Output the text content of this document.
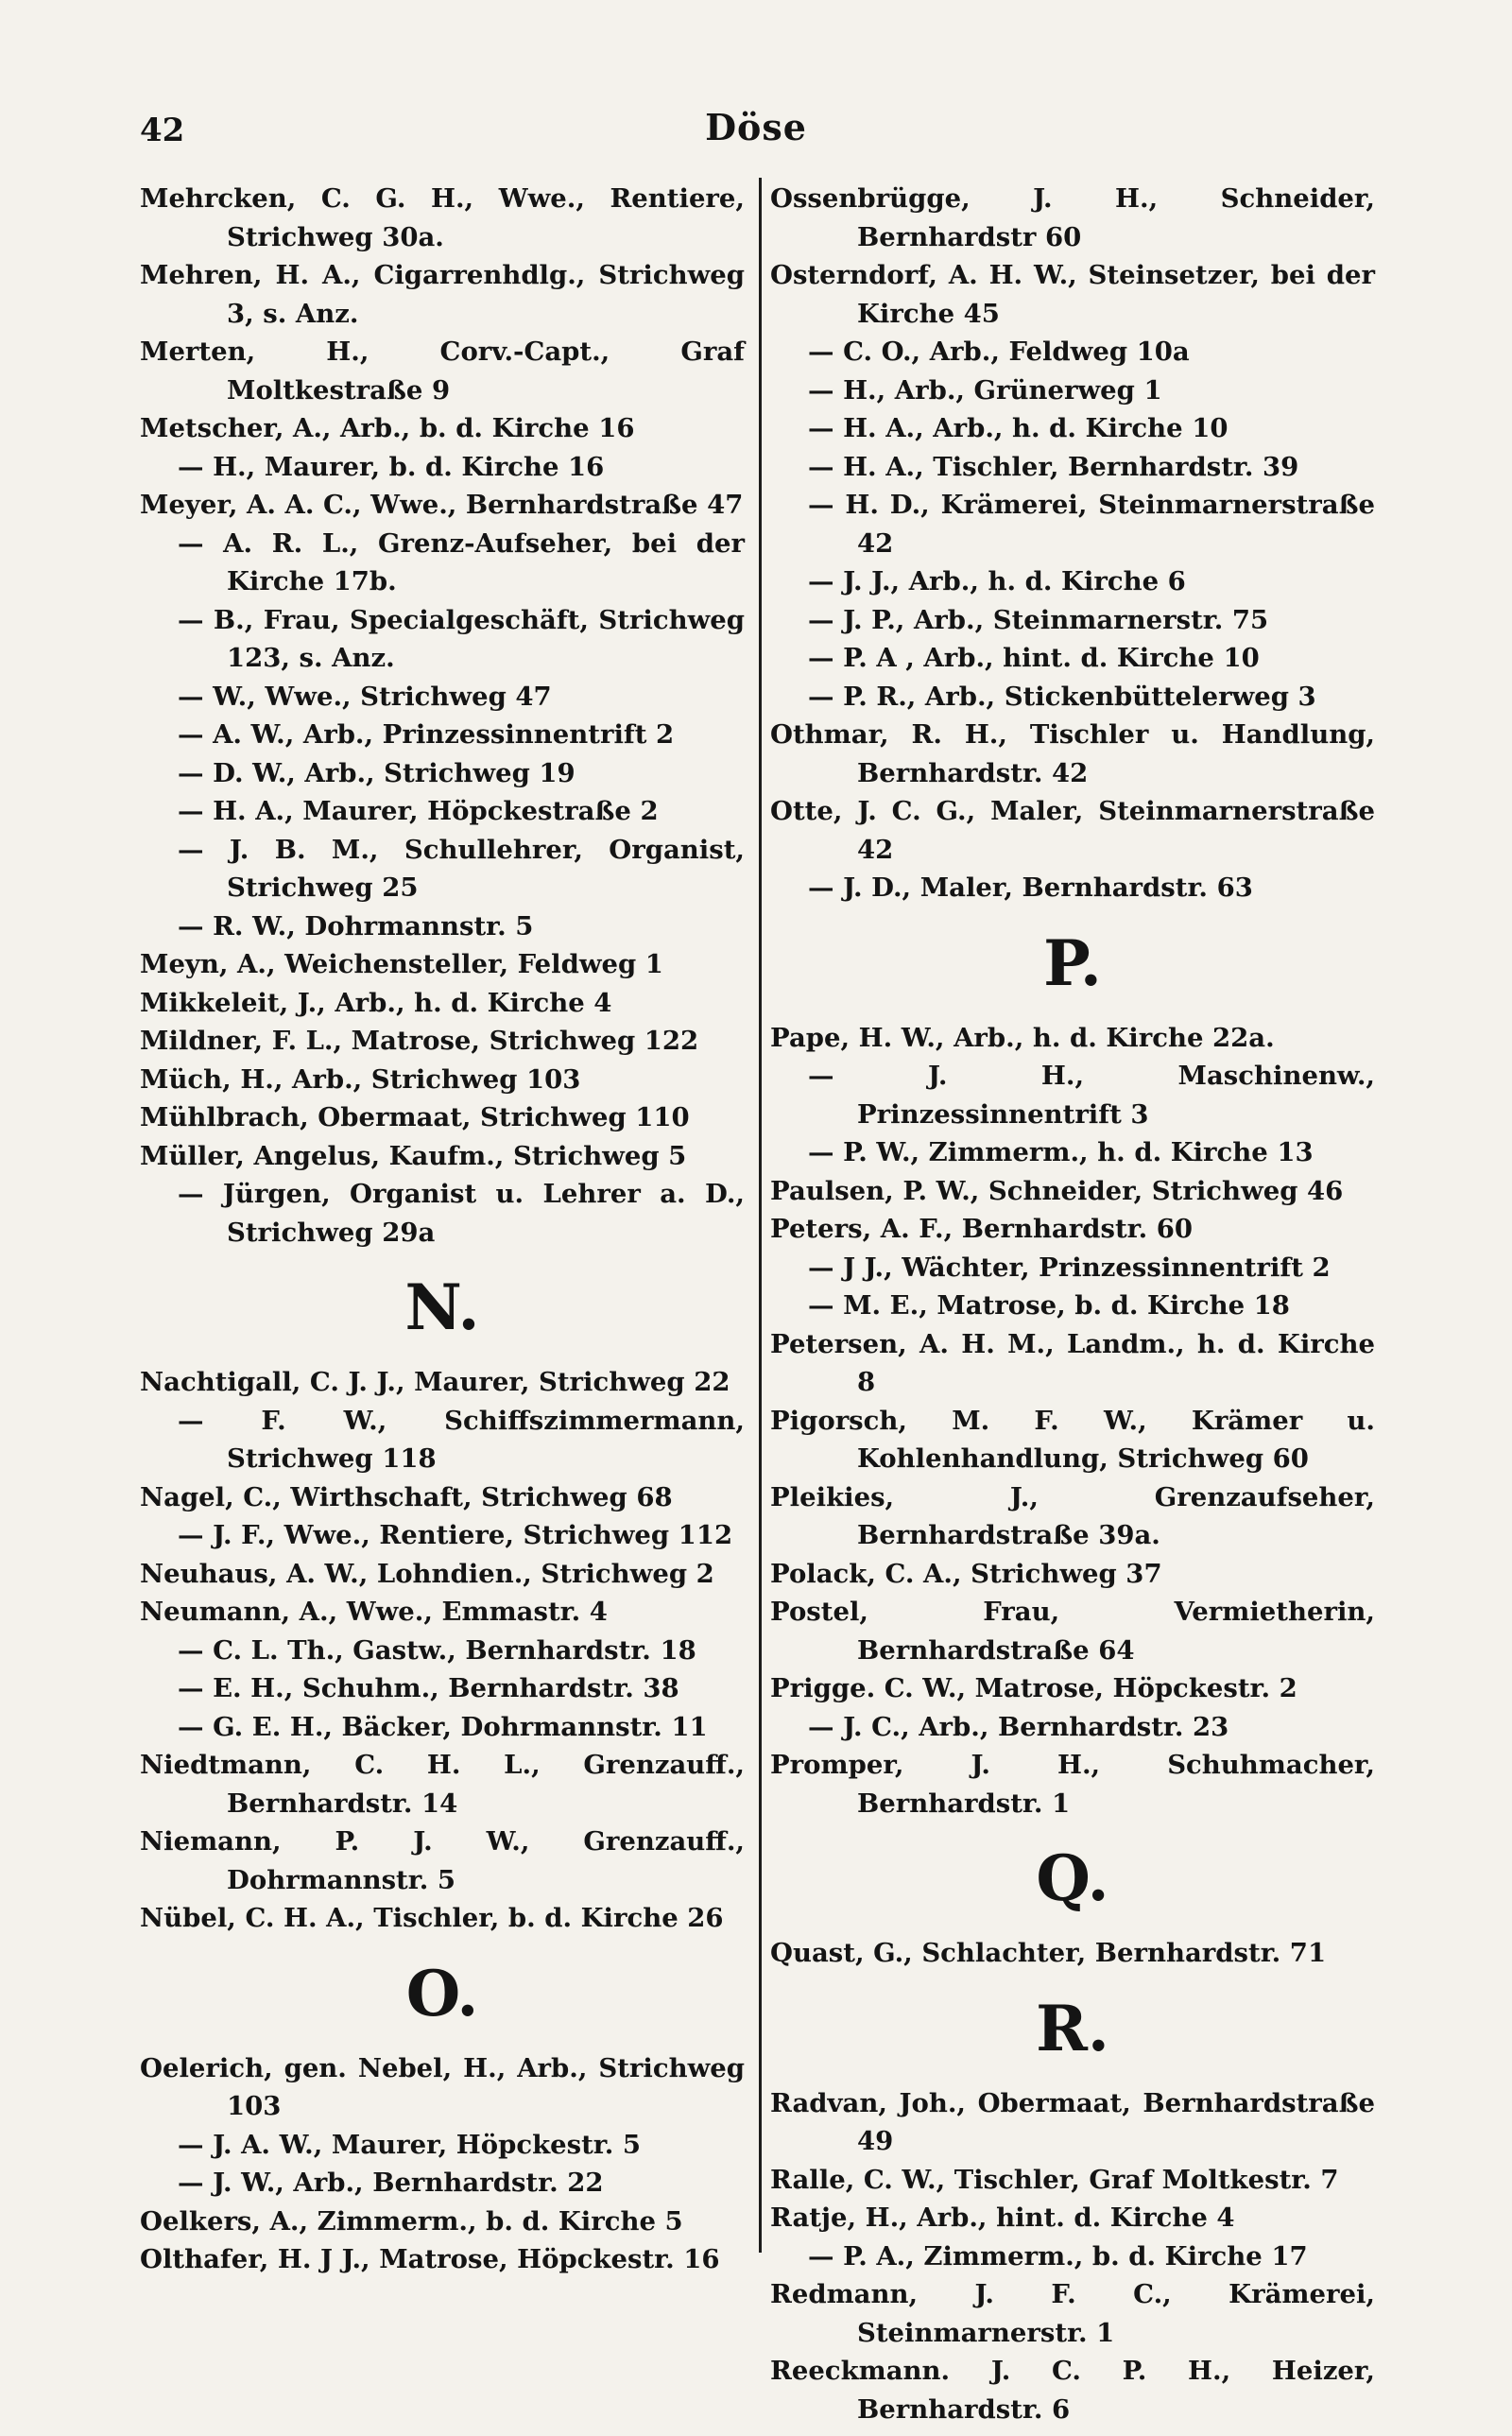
42	Döse
Mehrcken, C. G. H., Wwe., Rentiere, Strichweg 30a.
Mehren, H. A., Cigarrenhdlg., Strichweg 3, s. Anz.
Merten, H., Corv.-Capt., Graf Moltkestraße 9
Metscher, A., Arb., b. d. Kirche 16
— H., Maurer, b. d. Kirche 16
Meyer, A. A. C., Wwe., Bernhardstraße 47
— A. R. L., Grenz-Aufseher, bei der Kirche 17b.
— B., Frau, Specialgeschäft, Strichweg 123, s. Anz.
— W., Wwe., Strichweg 47
— A. W., Arb., Prinzessinnentrift 2
— D. W., Arb., Strichweg 19
— H. A., Maurer, Höpckestraße 2
— J. B. M., Schullehrer, Organist, Strichweg 25
— R. W., Dohrmannstr. 5
Meyn, A., Weichensteller, Feldweg 1
Mikkeleit, J., Arb., h. d. Kirche 4
Mildner, F. L., Matrose, Strichweg 122
Müch, H., Arb., Strichweg 103
Mühlbrach, Obermaat, Strichweg 110
Müller, Angelus, Kaufm., Strichweg 5
— Jürgen, Organist u. Lehrer a. D., Strichweg 29a
N.
Nachtigall, C. J. J., Maurer, Strichweg 22
— F. W., Schiffszimmermann, Strichweg 118
Nagel, C., Wirthschaft, Strichweg 68
— J. F., Wwe., Rentiere, Strichweg 112
Neuhaus, A. W., Lohndien., Strichweg 2
Neumann, A., Wwe., Emmastr. 4
— C. L. Th., Gastw., Bernhardstr. 18
— E. H., Schuhm., Bernhardstr. 38
— G. E. H., Bäcker, Dohrmannstr. 11
Niedtmann, C. H. L., Grenzauff., Bernhardstr. 14
Niemann, P. J. W., Grenzauff., Dohrmannstr. 5
Nübel, C. H. A., Tischler, b. d. Kirche 26
O.
Oelerich, gen. Nebel, H., Arb., Strichweg 103
— J. A. W., Maurer, Höpckestr. 5
— J. W., Arb., Bernhardstr. 22
Oelkers, A., Zimmerm., b. d. Kirche 5
Olthafer, H. J J., Matrose, Höpckestr. 16
Ossenbrügge, J. H., Schneider, Bernhardstr 60
Osterndorf, A. H. W., Steinsetzer, bei der Kirche 45
— C. O., Arb., Feldweg 10a
— H., Arb., Grünerweg 1
— H. A., Arb., h. d. Kirche 10
— H. A., Tischler, Bernhardstr. 39
— H. D., Krämerei, Steinmarnerstraße 42
— J. J., Arb., h. d. Kirche 6
— J. P., Arb., Steinmarnerstr. 75
— P. A , Arb., hint. d. Kirche 10
— P. R., Arb., Stickenbüttelerweg 3
Othmar, R. H., Tischler u. Handlung, Bernhardstr. 42
Otte, J. C. G., Maler, Steinmarnerstraße 42
— J. D., Maler, Bernhardstr. 63
P.
Pape, H. W., Arb., h. d. Kirche 22a.
— J. H., Maschinenw., Prinzessinnentrift 3
— P. W., Zimmerm., h. d. Kirche 13
Paulsen, P. W., Schneider, Strichweg 46
Peters, A. F., Bernhardstr. 60
— J J., Wächter, Prinzessinnentrift 2
— M. E., Matrose, b. d. Kirche 18
Petersen, A. H. M., Landm., h. d. Kirche 8
Pigorsch, M. F. W., Krämer u. Kohlenhandlung, Strichweg 60
Pleikies, J., Grenzaufseher, Bernhardstraße 39a.
Polack, C. A., Strichweg 37
Postel, Frau, Vermietherin, Bernhardstraße 64
Prigge. C. W., Matrose, Höpckestr. 2
— J. C., Arb., Bernhardstr. 23
Promper, J. H., Schuhmacher, Bernhardstr. 1
Q.
Quast, G., Schlachter, Bernhardstr. 71
R.
Radvan, Joh., Obermaat, Bernhardstraße 49
Ralle, C. W., Tischler, Graf Moltkestr. 7
Ratje, H., Arb., hint. d. Kirche 4
— P. A., Zimmerm., b. d. Kirche 17
Redmann, J. F. C., Krämerei, Steinmarnerstr. 1
Reeckmann. J. C. P. H., Heizer, Bernhardstr. 6
